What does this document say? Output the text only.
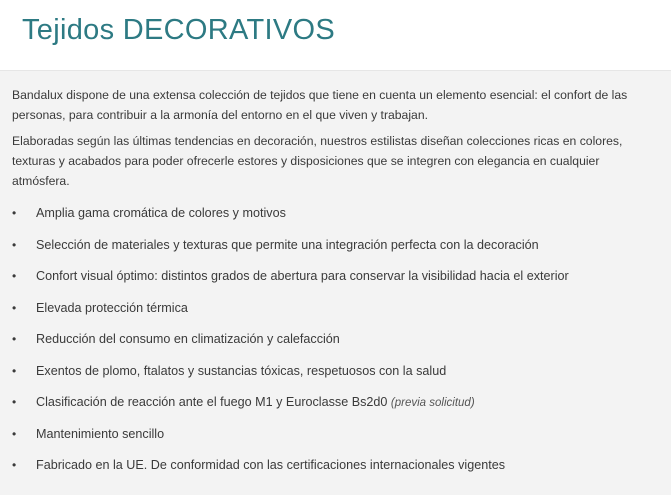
Tejidos DECORATIVOS

Bandalux dispone de una extensa colección de tejidos que tiene en cuenta un elemento esencial: el confort de las personas, para contribuir a la armonía del entorno en el que viven y trabajan.

Elaboradas según las últimas tendencias en decoración, nuestros estilistas diseñan colecciones ricas en colores, texturas y acabados para poder ofrecerle estores y disposiciones que se integren con elegancia en cualquier atmósfera.

•	Amplia gama cromática de colores y motivos
•	Selección de materiales y texturas que permite una integración perfecta con la decoración
•	Confort visual óptimo: distintos grados de abertura para conservar la visibilidad hacia el exterior
•	Elevada protección térmica
•	Reducción del consumo en climatización y calefacción
•	Exentos de plomo, ftalatos y sustancias tóxicas, respetuosos con la salud
•	Clasificación de reacción ante el fuego M1 y Euroclasse Bs2d0 (previa solicitud)
•	Mantenimiento sencillo
•	Fabricado en la UE. De conformidad con las certificaciones internacionales vigentes
